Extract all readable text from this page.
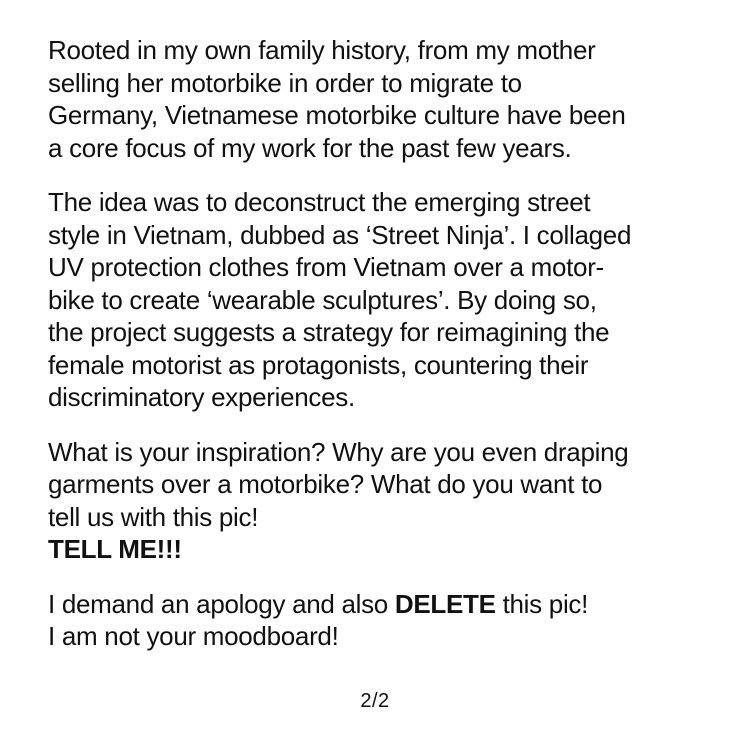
Rooted in my own family history, from my mother
selling her motorbike in order to migrate to
Germany, Vietnamese motorbike culture have been
a core focus of my work for the past few years.

The idea was to deconstruct the emerging street
style in Vietnam, dubbed as ‘Street Ninja’. I collaged
UV protection clothes from Vietnam over a motor-
bike to create ‘wearable sculptures’. By doing so,
the project suggests a strategy for reimagining the
female motorist as protagonists, countering their
discriminatory experiences.

What is your inspiration? Why are you even draping
garments over a motorbike? What do you want to
tell us with this pic!
TELL ME!!!

I demand an apology and also DELETE this pic!
I am not your moodboard!

2/2
